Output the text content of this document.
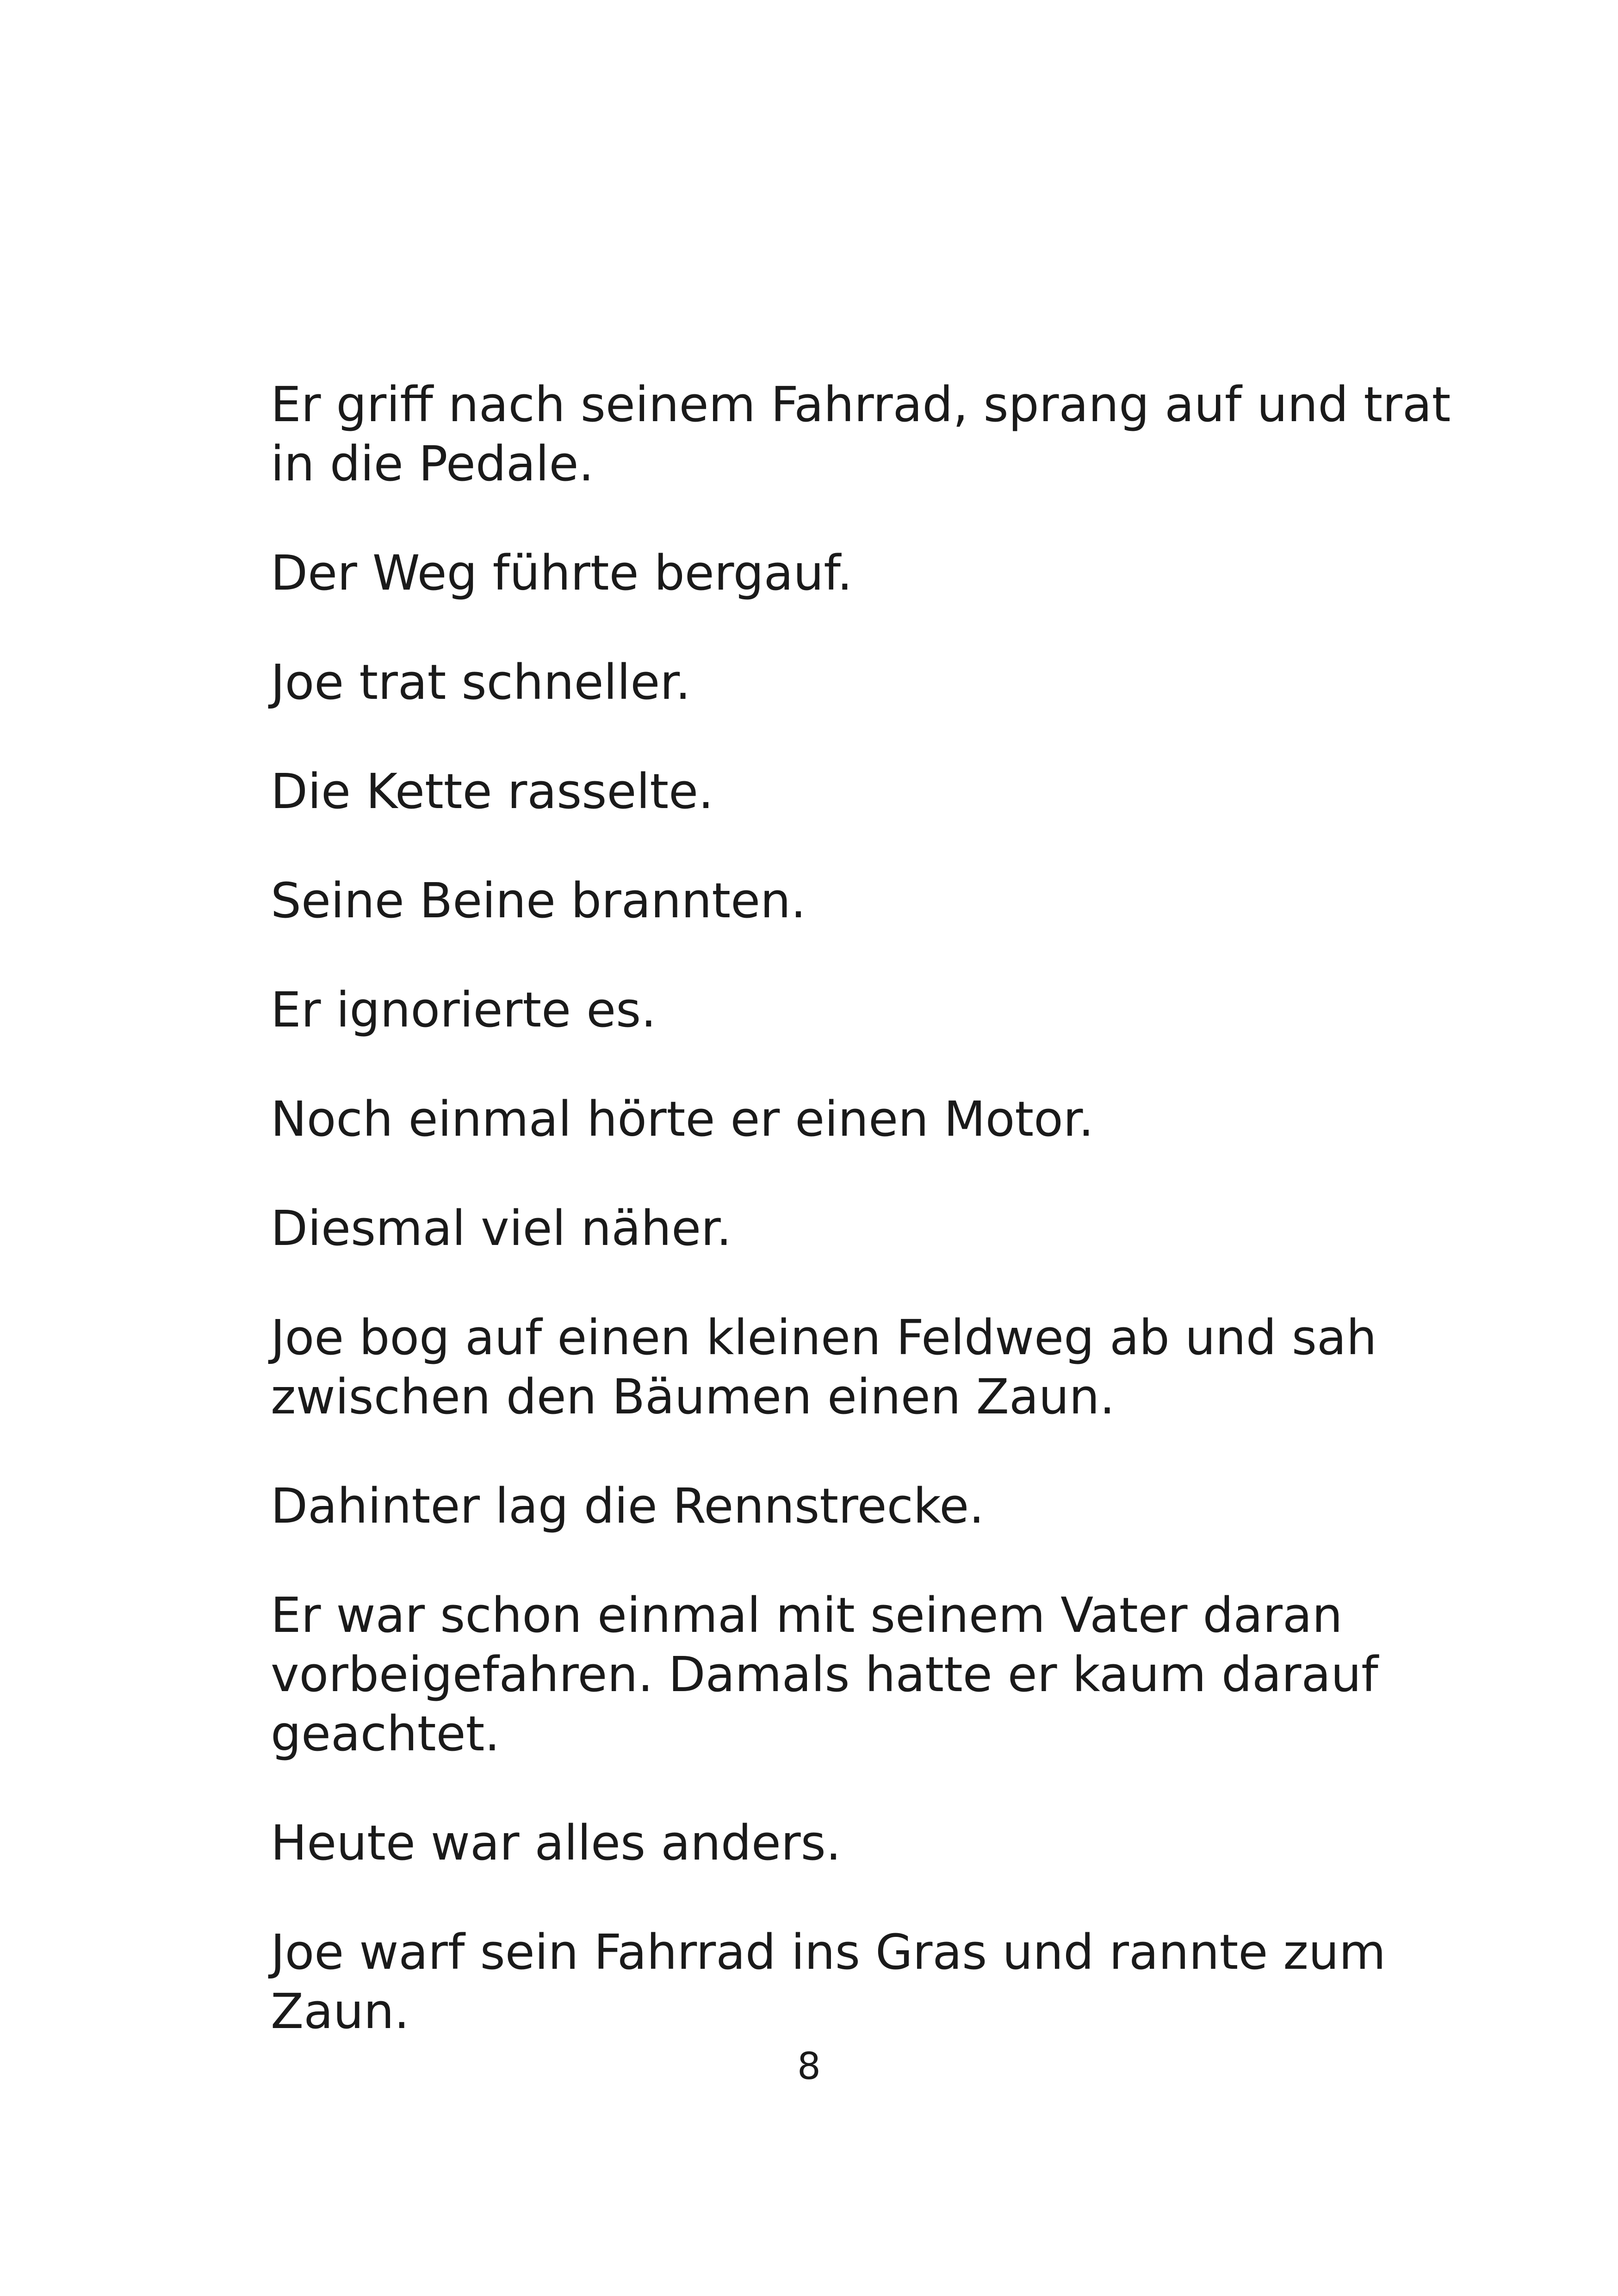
Er griff nach seinem Fahrrad, sprang auf und trat in die Pedale.

Der Weg führte bergauf.

Joe trat schneller.

Die Kette rasselte.

Seine Beine brannten.

Er ignorierte es.

Noch einmal hörte er einen Motor.

Diesmal viel näher.

Joe bog auf einen kleinen Feldweg ab und sah zwischen den Bäumen einen Zaun.

Dahinter lag die Rennstrecke.

Er war schon einmal mit seinem Vater daran vorbeigefahren. Damals hatte er kaum darauf geachtet.

Heute war alles anders.

Joe warf sein Fahrrad ins Gras und rannte zum Zaun.

8
